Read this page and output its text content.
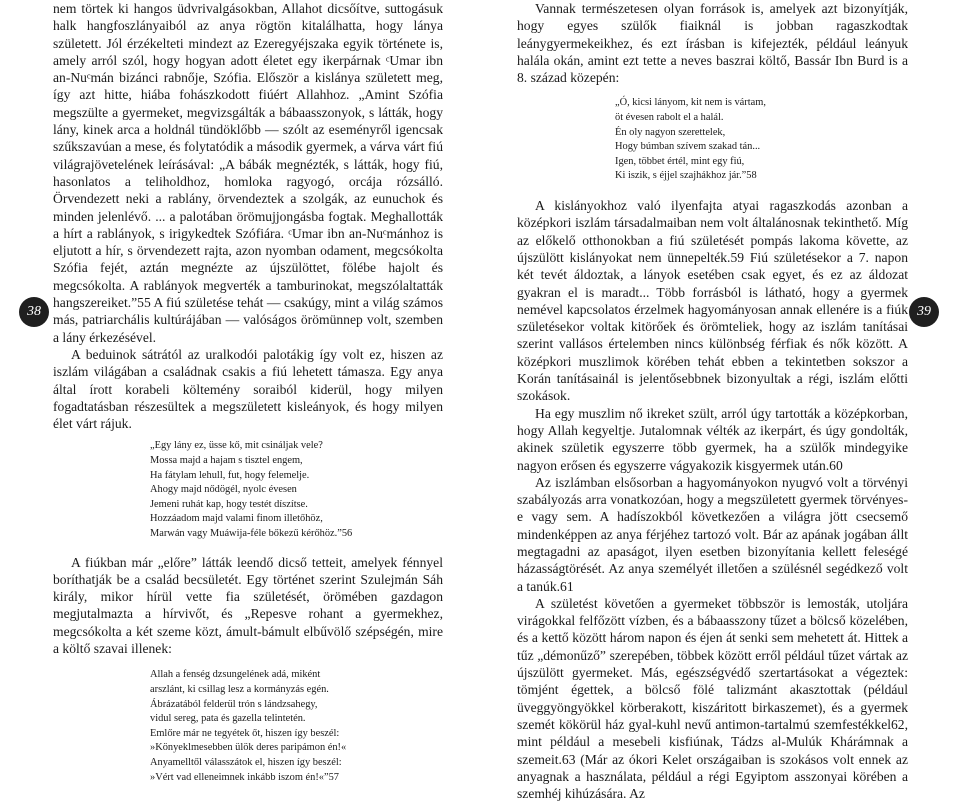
nem törtek ki hangos üdvrivalgásokban, Allahot dicsőítve, suttogásuk halk hangfoszlányaiból az anya rögtön kitalálhatta, hogy lánya született. Jól érzékelteti mindezt az Ezeregyéjszaka egyik története is, amely arról szól, hogy hogyan adott életet egy ikerpárnak ᶜUmar ibn an-Nuᶜmán bizánci rabnője, Szófia. Először a kislánya született meg, így azt hitte, hiába fohászkodott fiúért Allahhoz. „Amint Szófia megszülte a gyermeket, megvizsgálták a bábaasszonyok, s látták, hogy lány, kinek arca a holdnál tündöklőbb — szólt az eseményről igencsak szűkszavúan a mese, és folytatódik a második gyermek, a várva várt fiú világrajövetelének leírásával: „A bábák megnézték, s látták, hogy fiú, hasonlatos a teliholdhoz, homloka ragyogó, orcája rózsálló. Örvendezett neki a rablány, örvendeztek a szolgák, az eunuchok és minden jelenlévő. ... a palotában örömujjongásba fogtak. Meghallották a hírt a rablányok, s irigykedtek Szófiára. ᶜUmar ibn an-Nuᶜmánhoz is eljutott a hír, s örvendezett rajta, azon nyomban odament, megcsókolta Szófia fejét, aztán megnézte az újszülöttet, fölébe hajolt és megcsókolta. A rablányok megverték a tamburinokat, megszólaltatták hangszereiket.”55 A fiú születése tehát — csakúgy, mint a világ számos más, patriarchális kultúrájában — valóságos örömünnep volt, szemben a lány érkezésével.

A beduinok sátrától az uralkodói palotákig így volt ez, hiszen az iszlám világában a családnak csakis a fiú lehetett támasza. Egy anya által írott korabeli költemény soraiból kiderül, hogy milyen fogadtatásban részesültek a megszületett kisleányok, és hogy milyen élet várt rájuk.

„Egy lány ez, üsse kő, mit csináljak vele?
Mossa majd a hajam s tisztel engem,
Ha fátylam lehull, fut, hogy felemelje.
Ahogy majd nődögél, nyolc évesen
Jemeni ruhát kap, hogy testét díszítse.
Hozzáadom majd valami finom illetőhöz,
Marwán vagy Muáwija-féle bőkezű kérőhöz.”56

A fiúkban már „előre” látták leendő dicső tetteit, amelyek fénnyel boríthatják be a család becsületét. Egy történet szerint Szulejmán Sáh király, mikor hírül vette fia születését, örömében gazdagon megjutalmazta a hírvivőt, és „Repesve rohant a gyermekhez, megcsókolta a két szeme közt, ámult-bámult elbűvölő szépségén, mire a költő szavai illenek:

Allah a fenség dzsungelének adá, miként
arszlánt, ki csillag lesz a kormányzás egén.
Ábrázatából felderül trón s lándzsahegy,
vidul sereg, pata és gazella telintetén.
Emlőre már ne tegyétek őt, hiszen így beszél:
»Könyeklmesebben ülök deres paripámon én!«
Anyamelltől válasszátok el, hiszen így beszél:
»Vért vad elleneimnek inkább iszom én!«”57
38

Vannak természetesen olyan források is, amelyek azt bizonyítják, hogy egyes szülők fiaiknál is jobban ragaszkodtak leánygyermekeikhez, és ezt írásban is kifejezték, például leányuk halála okán, amint ezt tette a neves baszrai költő, Bassár Ibn Burd is a 8. század közepén:

„Ó, kicsi lányom, kit nem is vártam,
öt évesen rabolt el a halál.
Én oly nagyon szerettelek,
Hogy búmban szívem szakad tán...
Igen, többet értél, mint egy fiú,
Ki iszik, s éjjel szajhákhoz jár.”58

A kislányokhoz való ilyenfajta atyai ragaszkodás azonban a középkori iszlám társadalmaiban nem volt általánosnak tekinthető. Míg az előkelő otthonokban a fiú születését pompás lakoma követte, az újszülött kislányokat nem ünnepelték.59 Fiú születésekor a 7. napon két tevét áldoztak, a lányok esetében csak egyet, és ez az áldozat gyakran el is maradt... Több forrásból is látható, hogy a gyermek nemével kapcsolatos érzelmek hagyományosan annak ellenére is a fiúk születésekor voltak kitörőek és örömteliek, hogy az iszlám tanításai szerint vallásos értelemben nincs különbség férfiak és nők között. A középkori muszlimok körében tehát ebben a tekintetben sokszor a Korán tanításainál is jelentősebbnek bizonyultak a régi, iszlám előtti szokások.

Ha egy muszlim nő ikreket szült, arról úgy tartották a középkorban, hogy Allah kegyeltje. Jutalomnak vélték az ikerpárt, és úgy gondolták, akinek születik egyszerre több gyermek, ha a szülők mindegyike nagyon erősen és egyszerre vágyakozik kisgyermek után.60

Az iszlámban elsősorban a hagyományokon nyugvó volt a törvényi szabályozás arra vonatkozóan, hogy a megszületett gyermek törvényes-e vagy sem. A hadíszokból következően a világra jött csecsemő mindenképpen az anya férjéhez tartozó volt. Bár az apának jogában állt megtagadni az apaságot, ilyen esetben bizonyítania kellett feleségé házasságtörését. Az anya személyét illetően a szülésnél segédkező volt a tanúk.61

A születést követően a gyermeket többször is lemosták, utoljára virágokkal felfőzött vízben, és a bábaasszony tűzet a bölcső közelében, és a kettő között három napon és éjen át senki sem mehetett át. Hittek a tűz „démonűző” szerepében, többek között erről például tűzet vártak az újszülött gyermeket. Más, egészségvédő szertartásokat a végeztek: tömjént égettek, a bölcső fölé talizmánt akasztottak (például üveggyöngyökkel körberakott, kiszáritott birkaszemet), és a gyermek szemét kökörül ház gyal-kuhl nevű antimon-tartalmú szemfestékkel62, mint például a mesebeli kisfiúnak, Tádzs al-Mulúk Khárámnak a szemeit.63 (Már az ókori Kelet országaiban is szokásos volt ennek az anyagnak a használata, például a régi Egyiptom asszonyai körében a szemhéj kihúzására. Az

39
